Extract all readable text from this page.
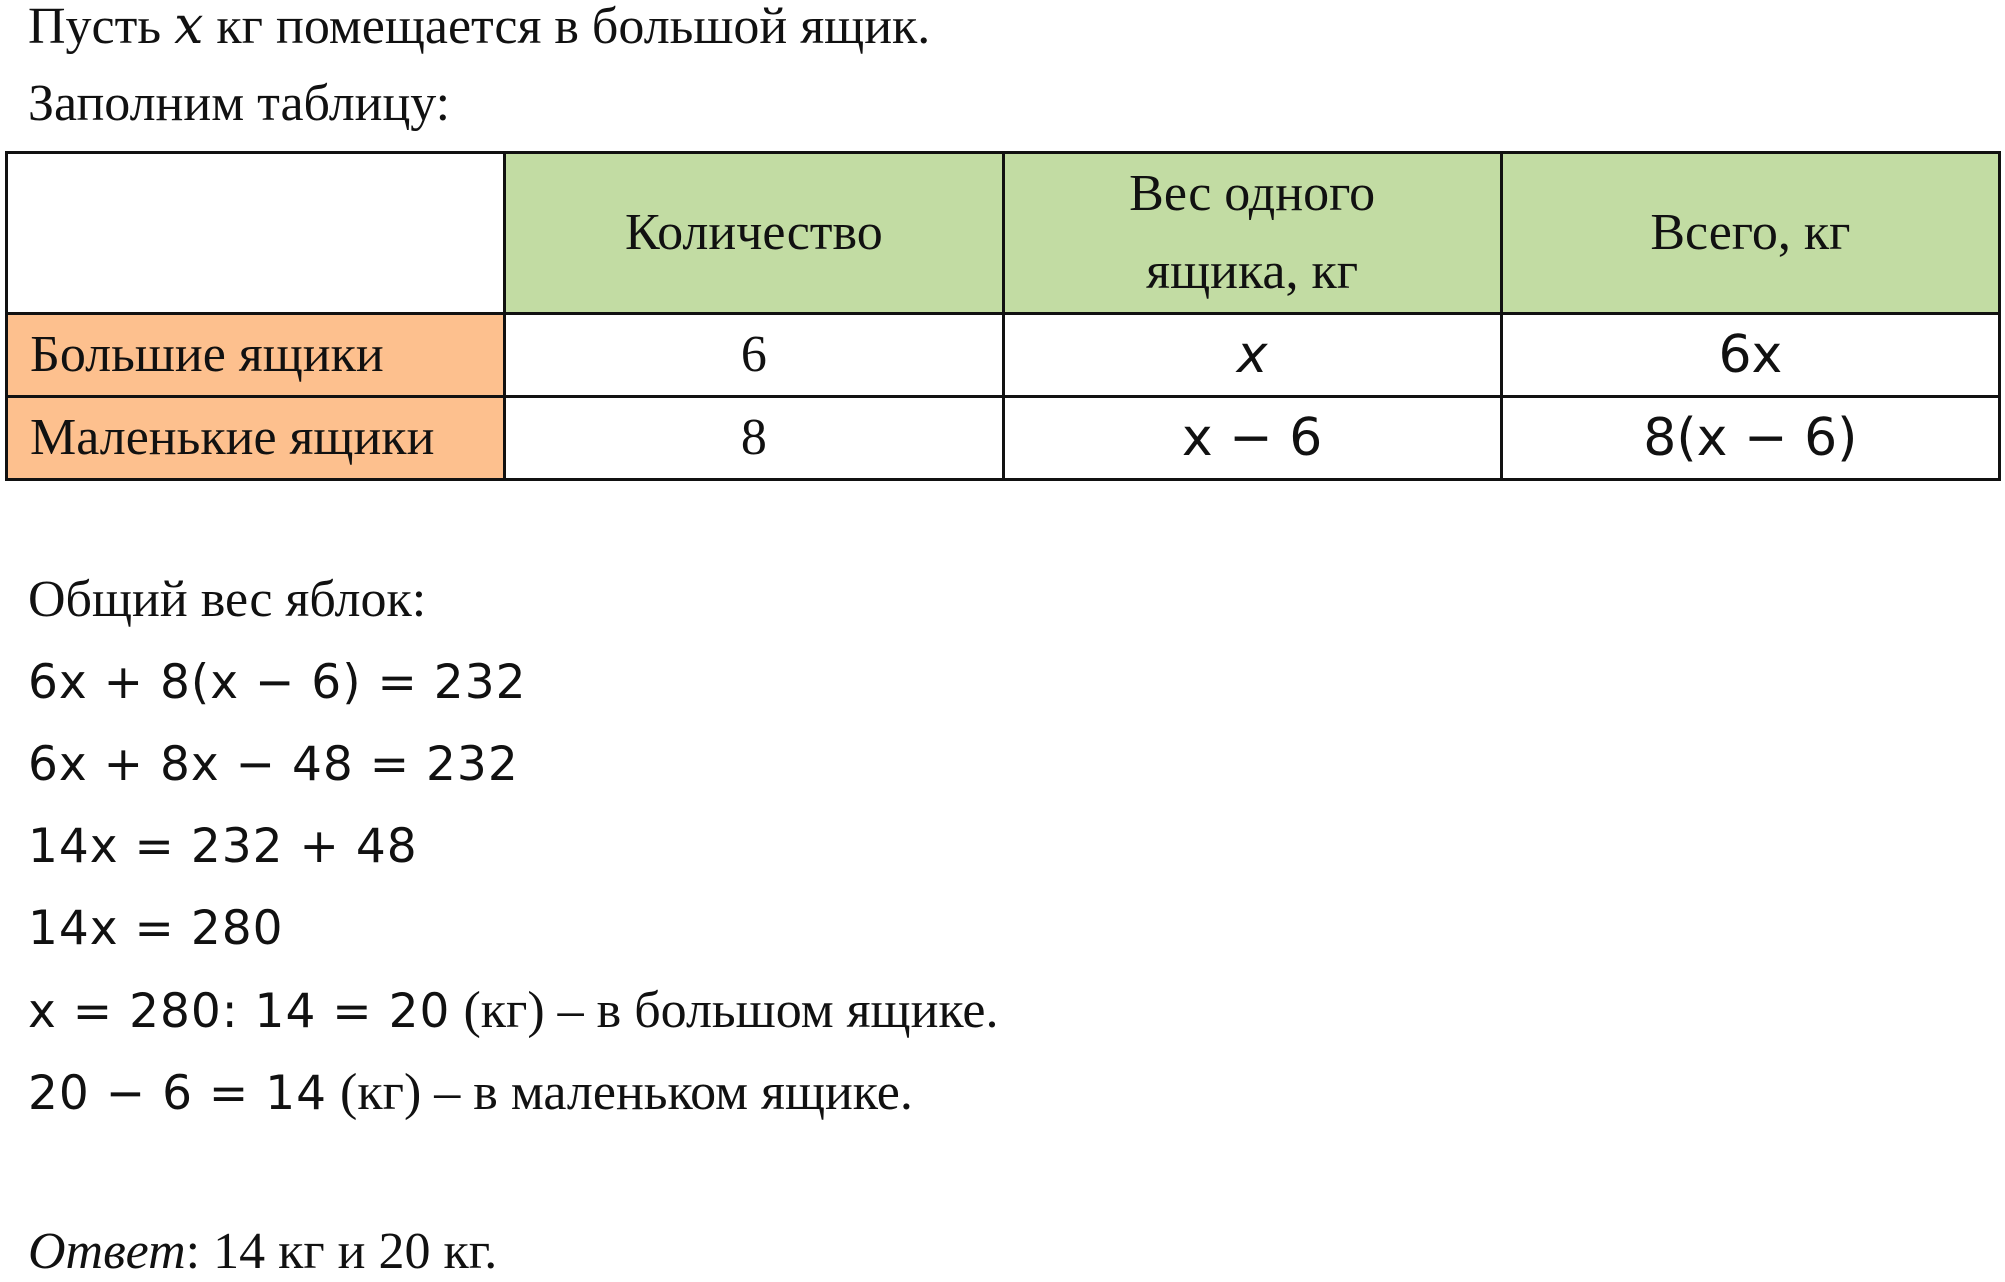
Пусть x кг помещается в большой ящик.
Заполним таблицу:
	Количество	Вес одного ящика, кг	Всего, кг
Большие ящики	6	x	6x
Маленькие ящики	8	x − 6	8(x − 6)
Общий вес яблок:
6x + 8(x − 6) = 232
6x + 8x − 48 = 232
14x = 232 + 48
14x = 280
x = 280: 14 = 20 (кг) – в большом ящике.
20 − 6 = 14 (кг) – в маленьком ящике.
Ответ: 14 кг и 20 кг.
